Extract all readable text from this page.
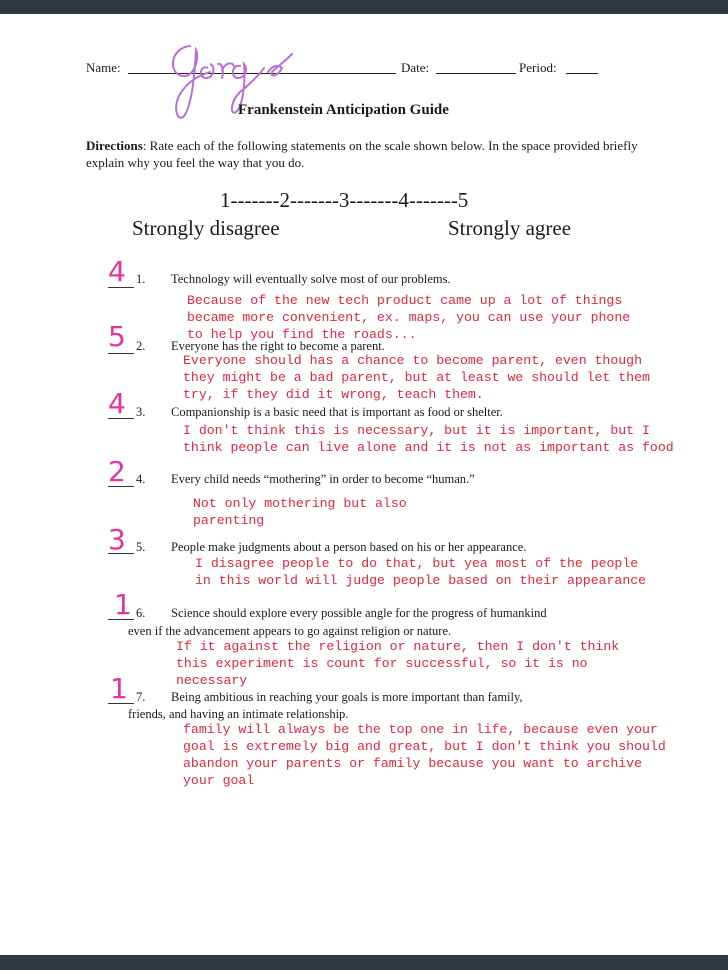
Name:	Date:	Period:
Frankenstein Anticipation Guide
Directions: Rate each of the following statements on the scale shown below. In the space provided briefly explain why you feel the way that you do.
1-------2-------3-------4-------5
Strongly disagree	Strongly agree
4 1. Technology will eventually solve most of our problems.
Because of the new tech product came up a lot of things
became more convenient, ex. maps, you can use your phone
to help you find the roads...
5 2. Everyone has the right to become a parent.
Everyone should has a chance to become parent, even though
they might be a bad parent, but at least we should let them
try, if they did it wrong, teach them.
4 3. Companionship is a basic need that is important as food or shelter.
I don't think this is necessary, but it is important, but I
think people can live alone and it is not as important as food
2 4. Every child needs “mothering” in order to become “human.”
Not only mothering but also
parenting
3 5. People make judgments about a person based on his or her appearance.
I disagree people to do that, but yea most of the people
in this world will judge people based on their appearance
1 6. Science should explore every possible angle for the progress of humankind
even if the advancement appears to go against religion or nature.
If it against the religion or nature, then I don't think
this experiment is count for successful, so it is no
necessary
1 7. Being ambitious in reaching your goals is more important than family,
friends, and having an intimate relationship.
family will always be the top one in life, because even your
goal is extremely big and great, but I don't think you should
abandon your parents or family because you want to archive
your goal
